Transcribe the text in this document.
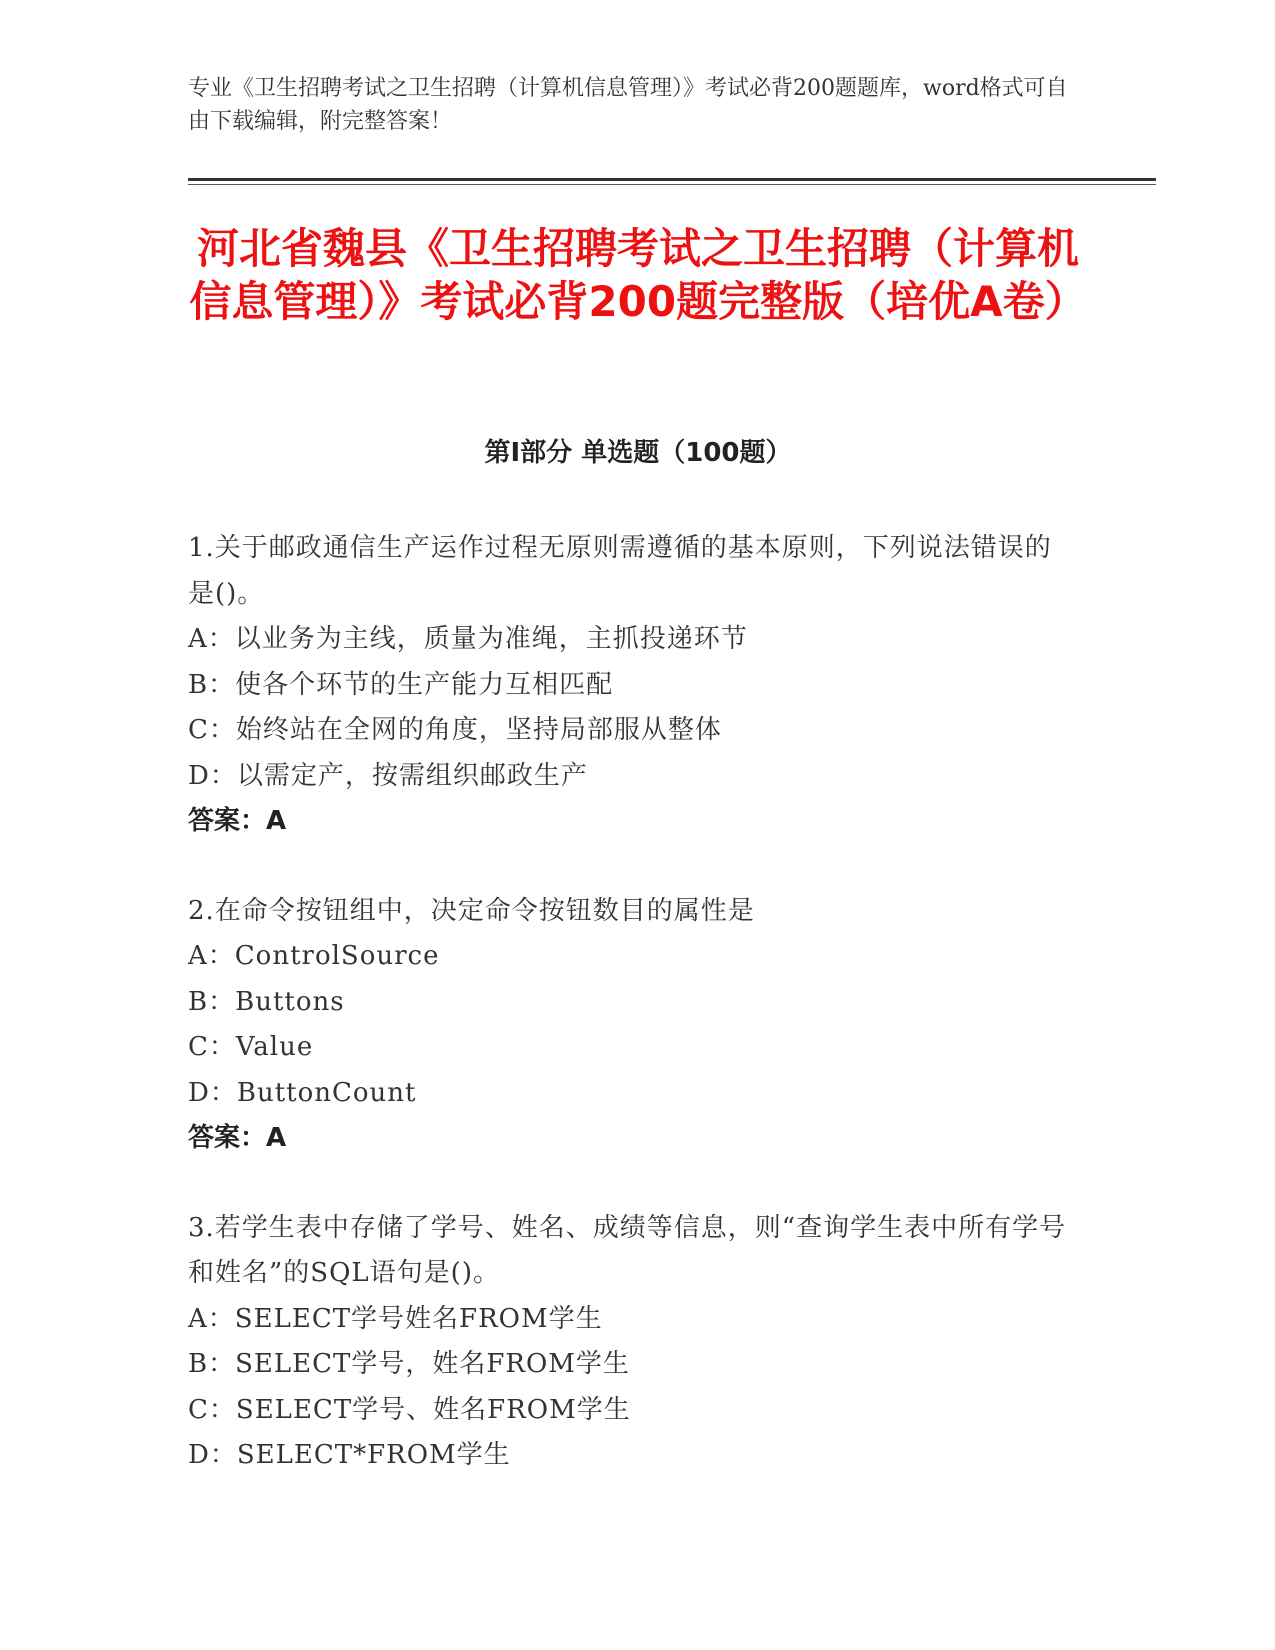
专业《卫生招聘考试之卫生招聘（计算机信息管理）》考试必背200题题库，word格式可自由下载编辑，附完整答案！
河北省魏县《卫生招聘考试之卫生招聘（计算机信息管理）》考试必背200题完整版（培优A卷）
第I部分 单选题（100题）
1.关于邮政通信生产运作过程无原则需遵循的基本原则，下列说法错误的是()。
A：以业务为主线，质量为准绳，主抓投递环节
B：使各个环节的生产能力互相匹配
C：始终站在全网的角度，坚持局部服从整体
D：以需定产，按需组织邮政生产
答案：A
2.在命令按钮组中，决定命令按钮数目的属性是
A：ControlSource
B：Buttons
C：Value
D：ButtonCount
答案：A
3.若学生表中存储了学号、姓名、成绩等信息，则“查询学生表中所有学号和姓名”的SQL语句是()。
A：SELECT学号姓名FROM学生
B：SELECT学号，姓名FROM学生
C：SELECT学号、姓名FROM学生
D：SELECT*FROM学生
